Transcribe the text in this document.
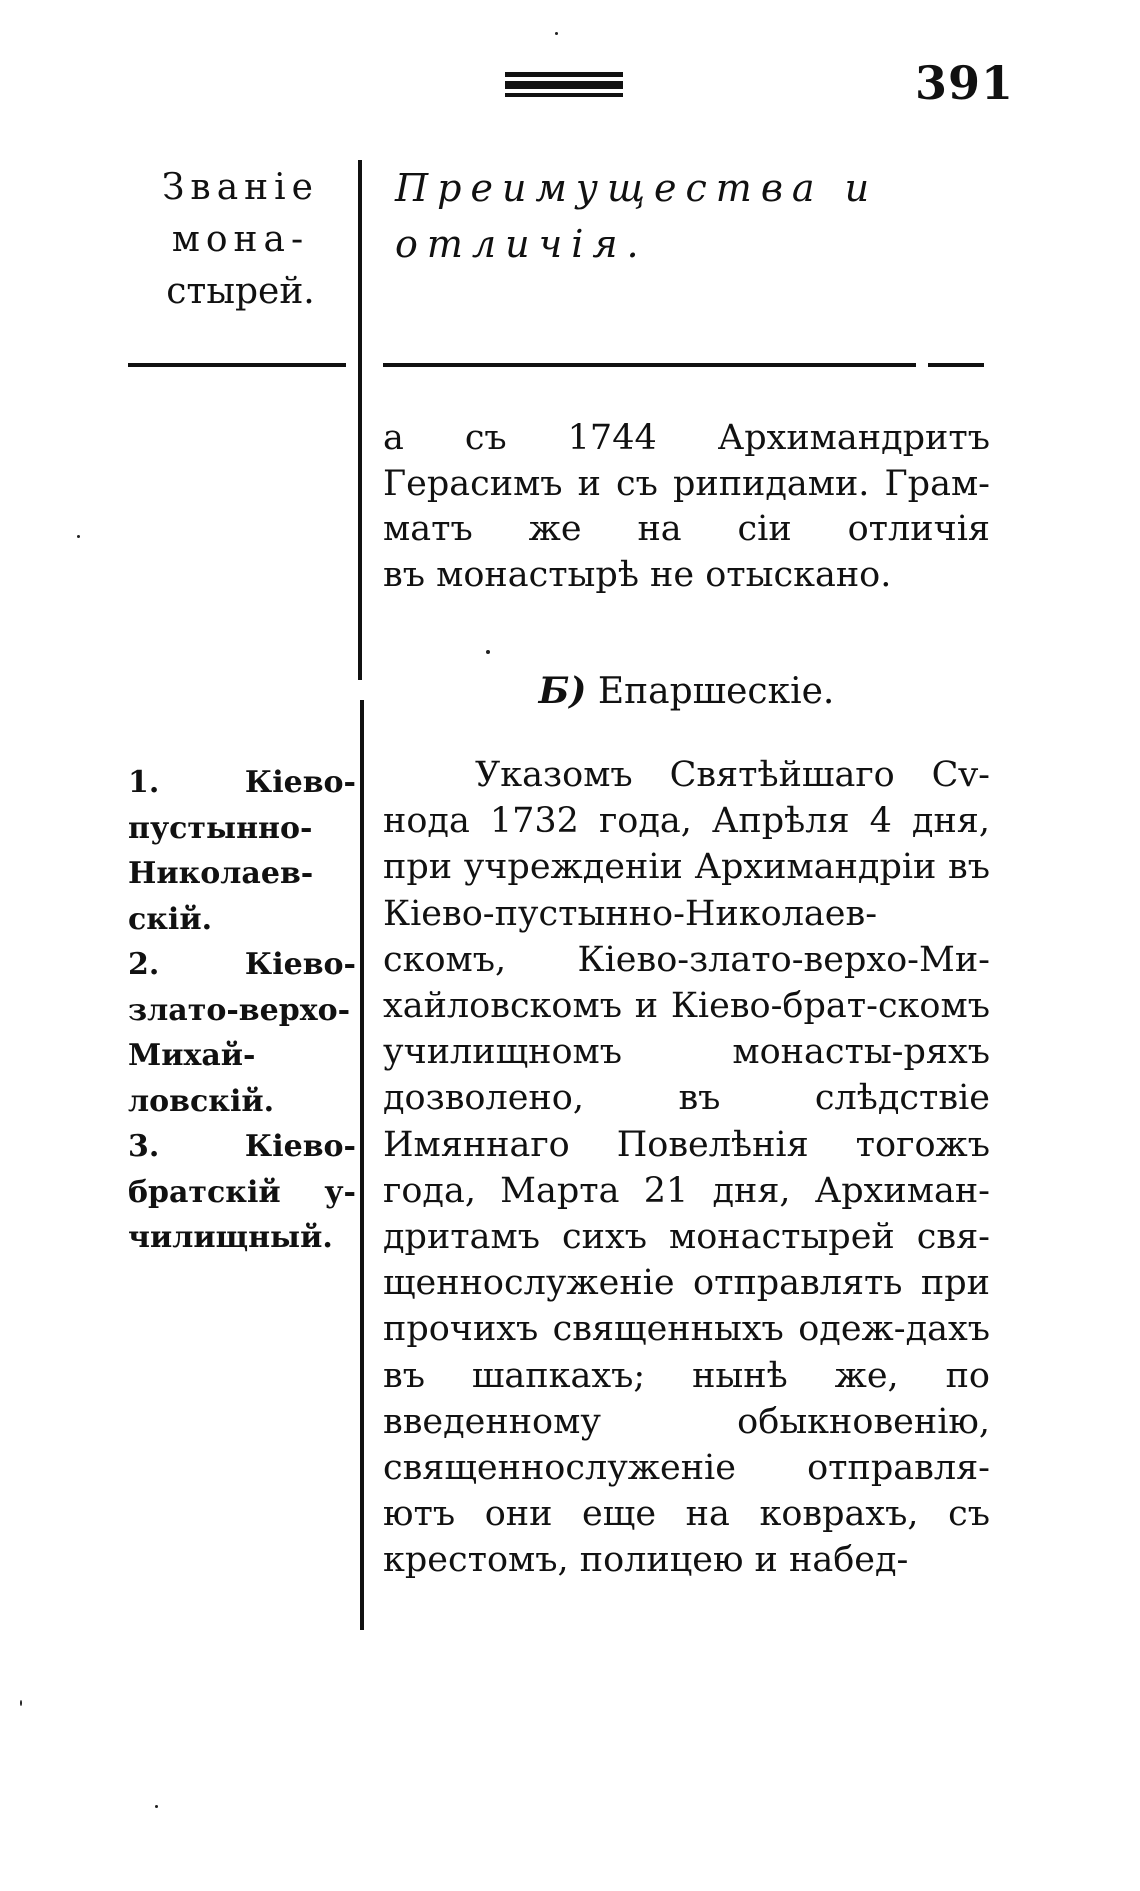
391
Званіе
мона-
стырей.
Преимущества и
отличія.

а съ 1744 Архимандритъ

Герасимъ и съ рипидами. Грам-

матъ же на сіи отличія

въ монастырѣ не отыскано.

Б) Епаршескіе.

1. Кіево-пустынно-Николаев-скій.

2. Кіево-злато-верхо-Михай-ловскій.

3. Кіево-братскій у-чилищный.

Указомъ Святѣйшаго Сv-нода 1732 года, Апрѣля 4 дня, при учрежденіи Архимандріи въ Кіево-пустынно-Николаев-скомъ, Кіево-злато-верхо-Ми-хайловскомъ и Кіево-брат-скомъ училищномъ монасты-ряхъ дозволено, въ слѣдствіе Имяннаго Повелѣнія тогожъ года, Марта 21 дня, Архиман-дритамъ сихъ монастырей свя-щеннослуженіе отправлять при прочихъ священныхъ одеж-дахъ въ шапкахъ; нынѣ же, по введенному обыкновенію, священнослуженіе отправля-ютъ они еще на коврахъ, съ крестомъ, полицею и набед-
